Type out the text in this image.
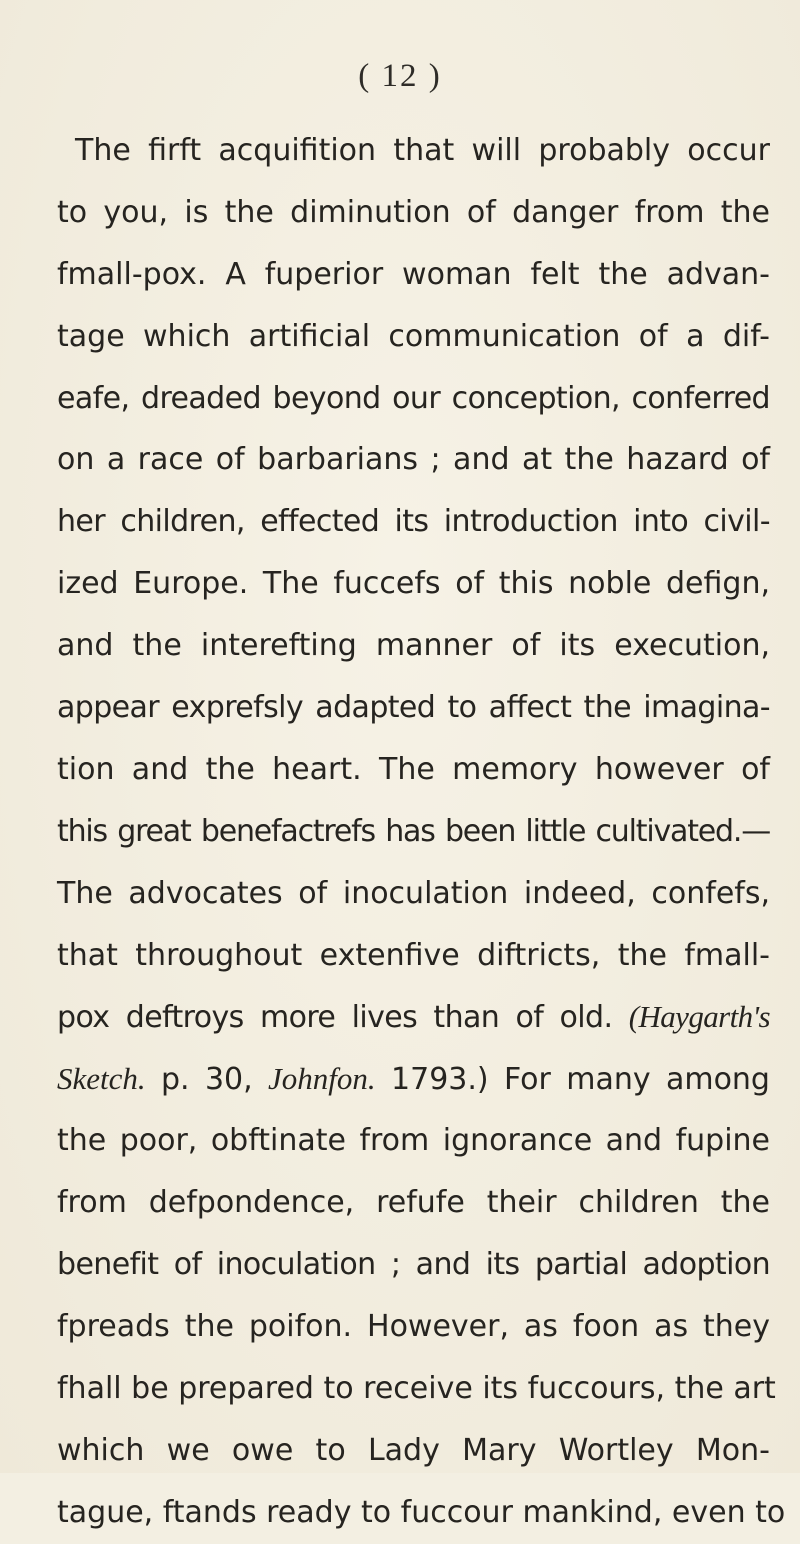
( 12 )
The firft acquifition that will probably occur
to you, is the diminution of danger from the
fmall-pox. A fuperior woman felt the advan-
tage which artificial communication of a dif-
eafe, dreaded beyond our conception, conferred
on a race of barbarians ; and at the hazard of
her children, effected its introduction into civil-
ized Europe. The fuccefs of this noble defign,
and the interefting manner of its execution,
appear exprefsly adapted to affect the imagina-
tion and the heart. The memory however of
this great benefactrefs has been little cultivated.—
The advocates of inoculation indeed, confefs,
that throughout extenfive diftricts, the fmall-
pox deftroys more lives than of old. (Haygarth's
Sketch. p. 30, Johnfon. 1793.) For many among
the poor, obftinate from ignorance and fupine
from defpondence, refufe their children the
benefit of inoculation ; and its partial adoption
fpreads the poifon. However, as foon as they
fhall be prepared to receive its fuccours, the art
which we owe to Lady Mary Wortley Mon-
tague, ftands ready to fuccour mankind, even to
